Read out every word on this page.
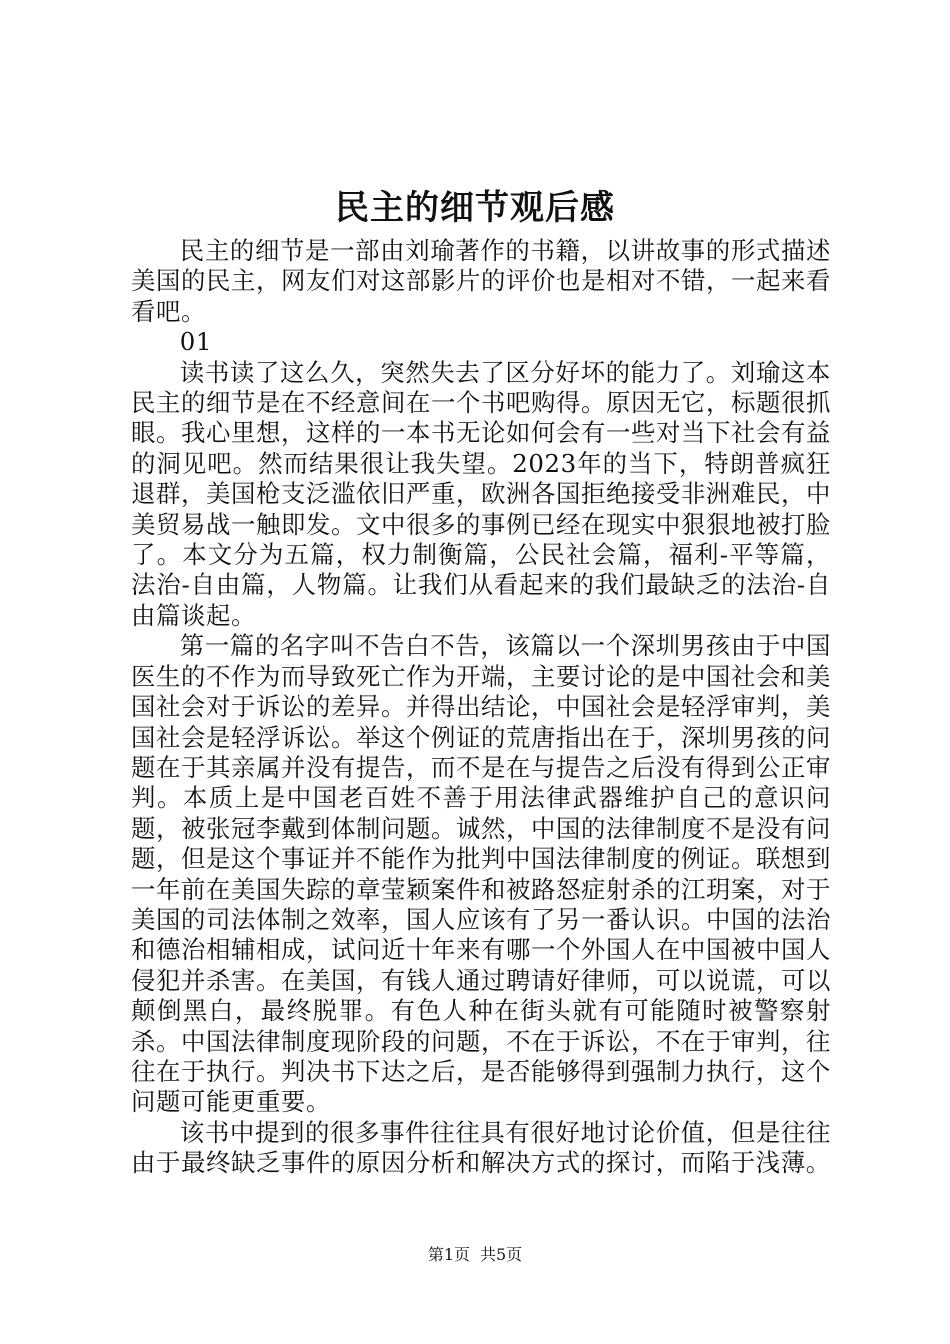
民主的细节观后感

民主的细节是一部由刘瑜著作的书籍，以讲故事的形式描述美国的民主，网友们对这部影片的评价也是相对不错，一起来看看吧。

01

读书读了这么久，突然失去了区分好坏的能力了。刘瑜这本民主的细节是在不经意间在一个书吧购得。原因无它，标题很抓眼。我心里想，这样的一本书无论如何会有一些对当下社会有益的洞见吧。然而结果很让我失望。2023年的当下，特朗普疯狂退群，美国枪支泛滥依旧严重，欧洲各国拒绝接受非洲难民，中美贸易战一触即发。文中很多的事例已经在现实中狠狠地被打脸了。本文分为五篇，权力制衡篇，公民社会篇，福利-平等篇，法治-自由篇，人物篇。让我们从看起来的我们最缺乏的法治-自由篇谈起。

第一篇的名字叫不告白不告，该篇以一个深圳男孩由于中国医生的不作为而导致死亡作为开端，主要讨论的是中国社会和美国社会对于诉讼的差异。并得出结论，中国社会是轻浮审判，美国社会是轻浮诉讼。举这个例证的荒唐指出在于，深圳男孩的问题在于其亲属并没有提告，而不是在与提告之后没有得到公正审判。本质上是中国老百姓不善于用法律武器维护自己的意识问题，被张冠李戴到体制问题。诚然，中国的法律制度不是没有问题，但是这个事证并不能作为批判中国法律制度的例证。联想到一年前在美国失踪的章莹颖案件和被路怒症射杀的江玥案，对于美国的司法体制之效率，国人应该有了另一番认识。中国的法治和德治相辅相成，试问近十年来有哪一个外国人在中国被中国人侵犯并杀害。在美国，有钱人通过聘请好律师，可以说谎，可以颠倒黑白，最终脱罪。有色人种在街头就有可能随时被警察射杀。中国法律制度现阶段的问题，不在于诉讼，不在于审判，往往在于执行。判决书下达之后，是否能够得到强制力执行，这个问题可能更重要。

该书中提到的很多事件往往具有很好地讨论价值，但是往往由于最终缺乏事件的原因分析和解决方式的探讨，而陷于浅薄。

第1页 共5页
